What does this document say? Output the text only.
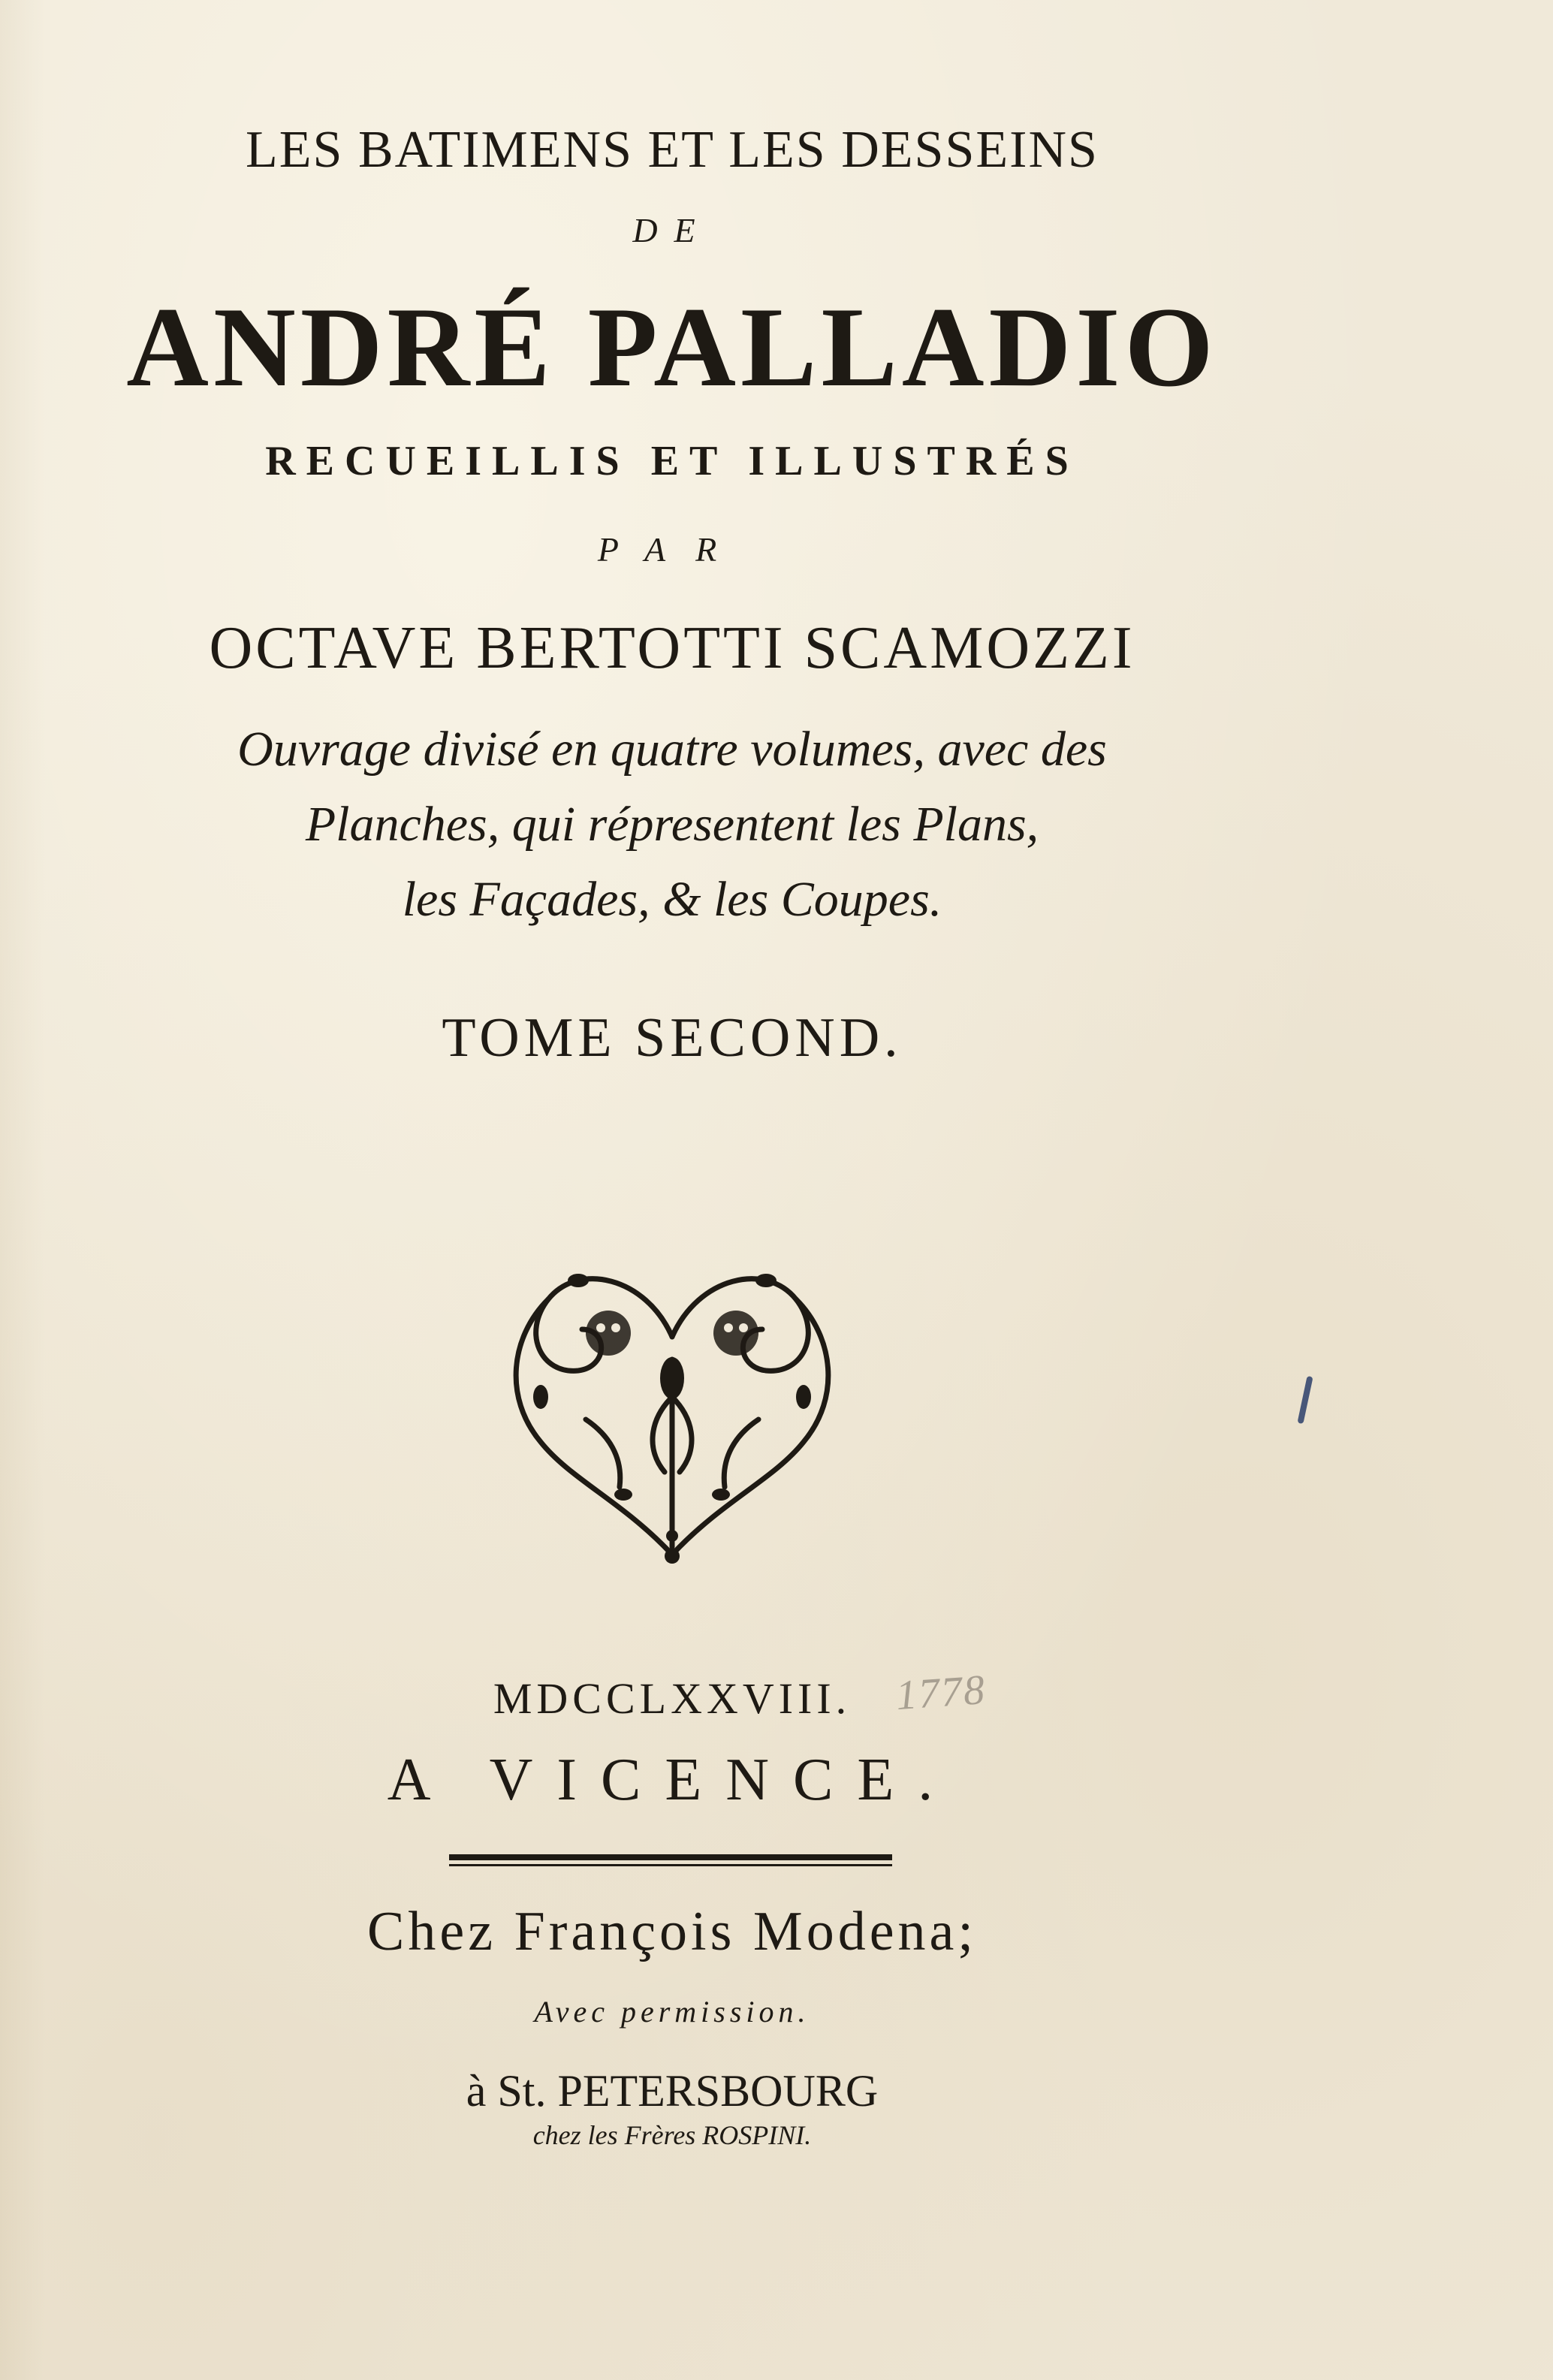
LES BATIMENS ET LES DESSEINS
DE
ANDRÉ PALLADIO
RECUEILLIS ET ILLUSTRÉS
PAR
OCTAVE BERTOTTI SCAMOZZI
Ouvrage divisé en quatre volumes, avec des
Planches, qui répresentent les Plans,
les Façades, & les Coupes.
TOME SECOND.
MDCCLXXVIII.	1778
A VICENCE.
Chez François Modena;
Avec permission.
à St. PETERSBOURG
chez les Frères ROSPINI.
